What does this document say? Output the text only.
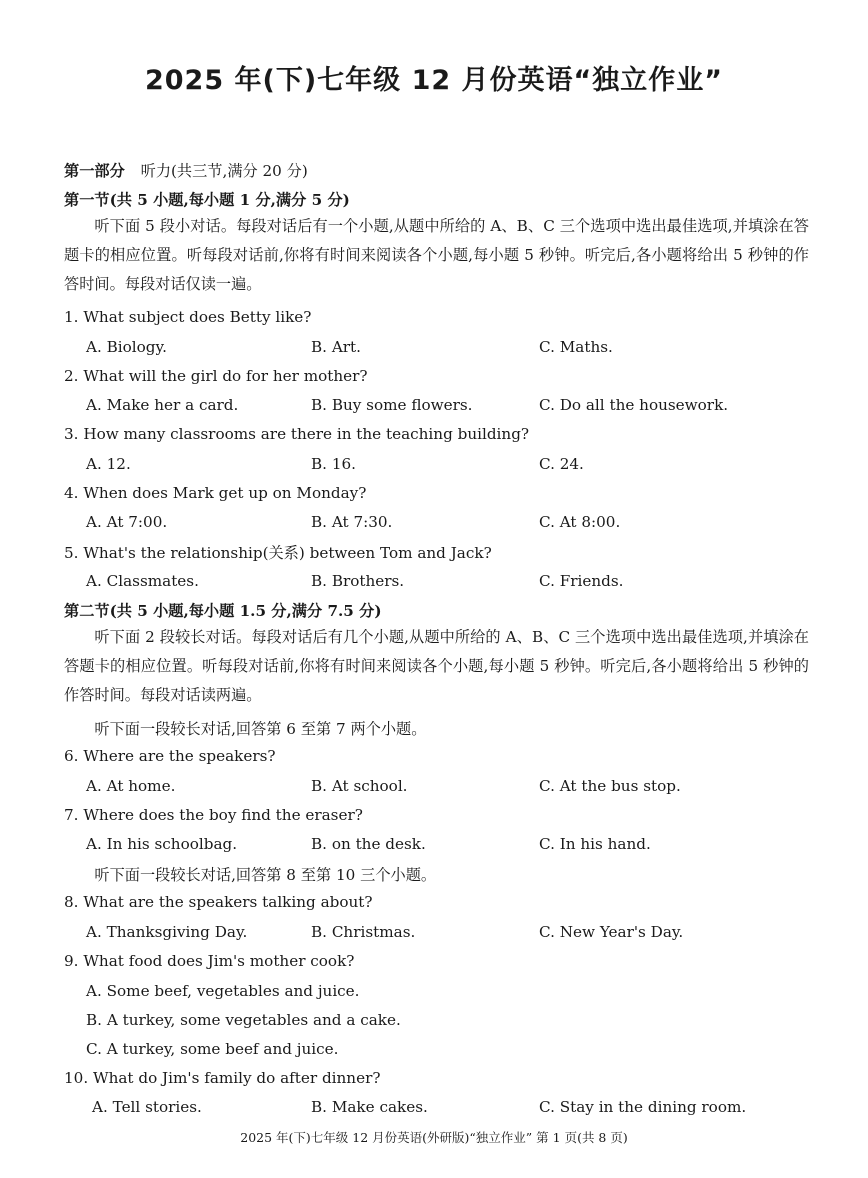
2025 年(下)七年级 12 月份英语“独立作业”
第一部分 听力(共三节,满分 20 分)
第一节(共 5 小题,每小题 1 分,满分 5 分)
听下面 5 段小对话。每段对话后有一个小题,从题中所给的 A、B、C 三个选项中选出最佳选项,并填涂在答题卡的相应位置。听每段对话前,你将有时间来阅读各个小题,每小题 5 秒钟。听完后,各小题将给出 5 秒钟的作答时间。每段对话仅读一遍。
1. What subject does Betty like?
A. Biology.	B. Art.	C. Maths.
2. What will the girl do for her mother?
A. Make her a card.	B. Buy some flowers.	C. Do all the housework.
3. How many classrooms are there in the teaching building?
A. 12.	B. 16.	C. 24.
4. When does Mark get up on Monday?
A. At 7:00.	B. At 7:30.	C. At 8:00.
5. What's the relationship(关系) between Tom and Jack?
A. Classmates.	B. Brothers.	C. Friends.
第二节(共 5 小题,每小题 1.5 分,满分 7.5 分)
听下面 2 段较长对话。每段对话后有几个小题,从题中所给的 A、B、C 三个选项中选出最佳选项,并填涂在答题卡的相应位置。听每段对话前,你将有时间来阅读各个小题,每小题 5 秒钟。听完后,各小题将给出 5 秒钟的作答时间。每段对话读两遍。
听下面一段较长对话,回答第 6 至第 7 两个小题。
6. Where are the speakers?
A. At home.	B. At school.	C. At the bus stop.
7. Where does the boy find the eraser?
A. In his schoolbag.	B. on the desk.	C. In his hand.
听下面一段较长对话,回答第 8 至第 10 三个小题。
8. What are the speakers talking about?
A. Thanksgiving Day.	B. Christmas.	C. New Year's Day.
9. What food does Jim's mother cook?
A. Some beef, vegetables and juice.
B. A turkey, some vegetables and a cake.
C. A turkey, some beef and juice.
10. What do Jim's family do after dinner?
A. Tell stories.	B. Make cakes.	C. Stay in the dining room.
2025 年(下)七年级 12 月份英语(外研版)“独立作业” 第 1 页(共 8 页)
